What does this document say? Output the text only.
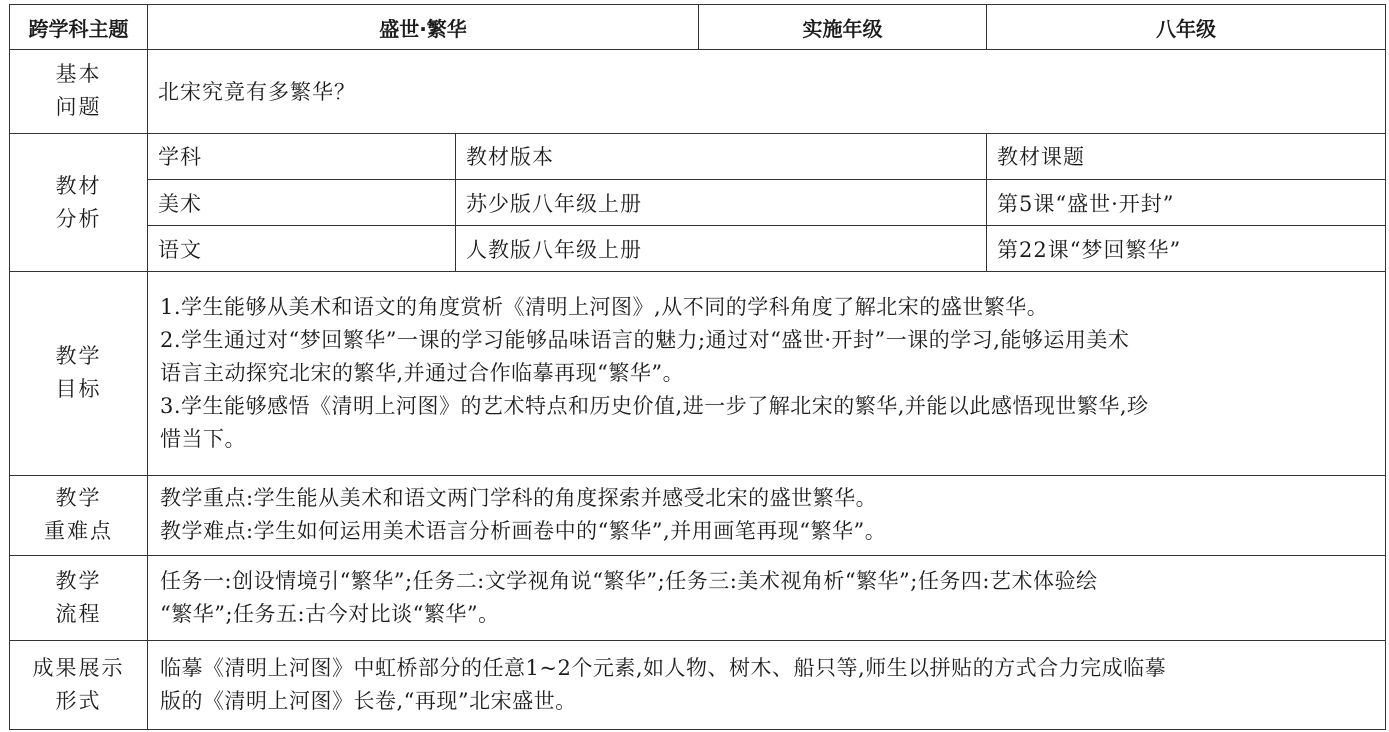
跨学科主题	盛世·繁华		实施年级	八年级

基本
问题	北宋究竟有多繁华？			

教材
分析	学科	教材版本		教材课题
	美术	苏少版八年级上册		第5课“盛世·开封”
	语文	人教版八年级上册		第22课“梦回繁华”

教学
目标	1.学生能够从美术和语文的角度赏析《清明上河图》,从不同的学科角度了解北宋的盛世繁华。
2.学生通过对“梦回繁华”一课的学习能够品味语言的魅力;通过对“盛世·开封”一课的学习,能够运用美术
语言主动探究北宋的繁华,并通过合作临摹再现“繁华”。
3.学生能够感悟《清明上河图》的艺术特点和历史价值,进一步了解北宋的繁华,并能以此感悟现世繁华,珍
惜当下。			

教学
重难点	教学重点:学生能从美术和语文两门学科的角度探索并感受北宋的盛世繁华。
教学难点:学生如何运用美术语言分析画卷中的“繁华”,并用画笔再现“繁华”。			

教学
流程	任务一:创设情境引“繁华”;任务二:文学视角说“繁华”;任务三:美术视角析“繁华”;任务四:艺术体验绘
“繁华”;任务五:古今对比谈“繁华”。			

成果展示
形式	临摹《清明上河图》中虹桥部分的任意1~2个元素,如人物、树木、船只等,师生以拼贴的方式合力完成临摹
版的《清明上河图》长卷,“再现”北宋盛世。			
